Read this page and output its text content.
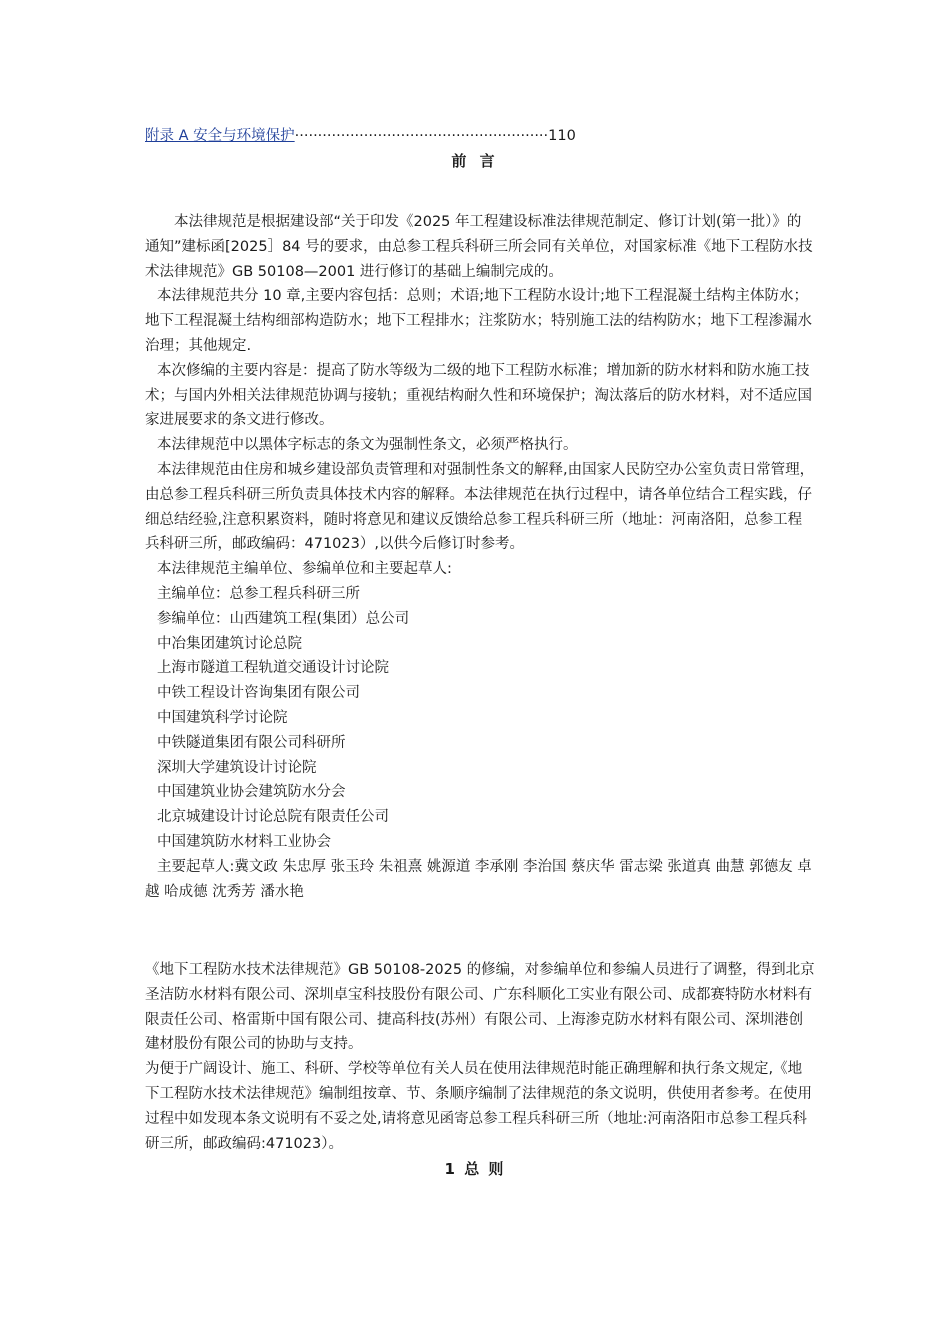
附录 A 安全与环境保护·······················································110
前 言

本法律规范是根据建设部“关于印发《2025 年工程建设标准法律规范制定、修订计划(第一批）》的通知”建标函[2025］84 号的要求，由总参工程兵科研三所会同有关单位，对国家标准《地下工程防水技术法律规范》GB 50108—2001 进行修订的基础上编制完成的。

本法律规范共分 10 章,主要内容包括：总则；术语;地下工程防水设计;地下工程混凝土结构主体防水；地下工程混凝土结构细部构造防水；地下工程排水；注浆防水；特别施工法的结构防水；地下工程渗漏水治理；其他规定.

本次修编的主要内容是：提高了防水等级为二级的地下工程防水标准；增加新的防水材料和防水施工技术；与国内外相关法律规范协调与接轨；重视结构耐久性和环境保护；淘汰落后的防水材料，对不适应国家进展要求的条文进行修改。

本法律规范中以黑体字标志的条文为强制性条文，必须严格执行。

本法律规范由住房和城乡建设部负责管理和对强制性条文的解释,由国家人民防空办公室负责日常管理，由总参工程兵科研三所负责具体技术内容的解释。本法律规范在执行过程中，请各单位结合工程实践，仔细总结经验,注意积累资料，随时将意见和建议反馈给总参工程兵科研三所（地址：河南洛阳，总参工程兵科研三所，邮政编码：471023）,以供今后修订时参考。

本法律规范主编单位、参编单位和主要起草人:

主编单位：总参工程兵科研三所

参编单位：山西建筑工程(集团）总公司

中冶集团建筑讨论总院

上海市隧道工程轨道交通设计讨论院

中铁工程设计咨询集团有限公司

中国建筑科学讨论院

中铁隧道集团有限公司科研所

深圳大学建筑设计讨论院

中国建筑业协会建筑防水分会

北京城建设计讨论总院有限责任公司

中国建筑防水材料工业协会

主要起草人:冀文政 朱忠厚 张玉玲 朱祖熹 姚源道 李承刚 李治国 蔡庆华 雷志梁 张道真 曲慧 郭德友 卓 越 哈成德 沈秀芳 潘水艳

《地下工程防水技术法律规范》GB 50108-2025 的修编，对参编单位和参编人员进行了调整，得到北京圣洁防水材料有限公司、深圳卓宝科技股份有限公司、广东科顺化工实业有限公司、成都赛特防水材料有限责任公司、格雷斯中国有限公司、捷高科技(苏州）有限公司、上海渗克防水材料有限公司、深圳港创建材股份有限公司的协助与支持。

为便于广阔设计、施工、科研、学校等单位有关人员在使用法律规范时能正确理解和执行条文规定,《地下工程防水技术法律规范》编制组按章、节、条顺序编制了法律规范的条文说明，供使用者参考。在使用过程中如发现本条文说明有不妥之处,请将意见函寄总参工程兵科研三所（地址:河南洛阳市总参工程兵科研三所，邮政编码:471023）。

1 总 则
